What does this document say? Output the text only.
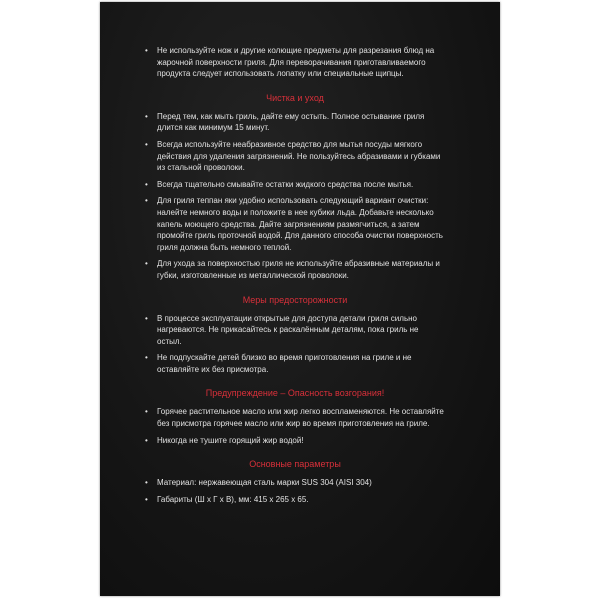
• Не используйте нож и другие колющие предметы для разрезания блюд на жарочной поверхности гриля. Для переворачивания приготавливаемого продукта следует использовать лопатку или специальные щипцы.
Чистка и уход
• Перед тем, как мыть гриль, дайте ему остыть. Полное остывание гриля длится как минимум 15 минут.
• Всегда используйте неабразивное средство для мытья посуды мягкого действия для удаления загрязнений. Не пользуйтесь абразивами и губками из стальной проволоки.
• Всегда тщательно смывайте остатки жидкого средства после мытья.
• Для гриля теппан яки удобно использовать следующий вариант очистки: налейте немного воды и положите в нее кубики льда. Добавьте несколько капель моющего средства. Дайте загрязнениям размягчиться, а затем промойте гриль проточной водой. Для данного способа очистки поверхность гриля должна быть немного теплой.
• Для ухода за поверхностью гриля не используйте абразивные материалы и губки, изготовленные из металлической проволоки.
Меры предосторожности
• В процессе эксплуатации открытые для доступа детали гриля сильно нагреваются. Не прикасайтесь к раскалённым деталям, пока гриль не остыл.
• Не подпускайте детей близко во время приготовления на гриле и не оставляйте их без присмотра.
Предупреждение – Опасность возгорания!
• Горячее растительное масло или жир легко воспламеняются. Не оставляйте без присмотра горячее масло или жир во время приготовления на гриле.
• Никогда не тушите горящий жир водой!
Основные параметры
• Материал: нержавеющая сталь марки SUS 304 (AISI 304)
• Габариты (Ш х Г х В), мм: 415 х 265 х 65.
